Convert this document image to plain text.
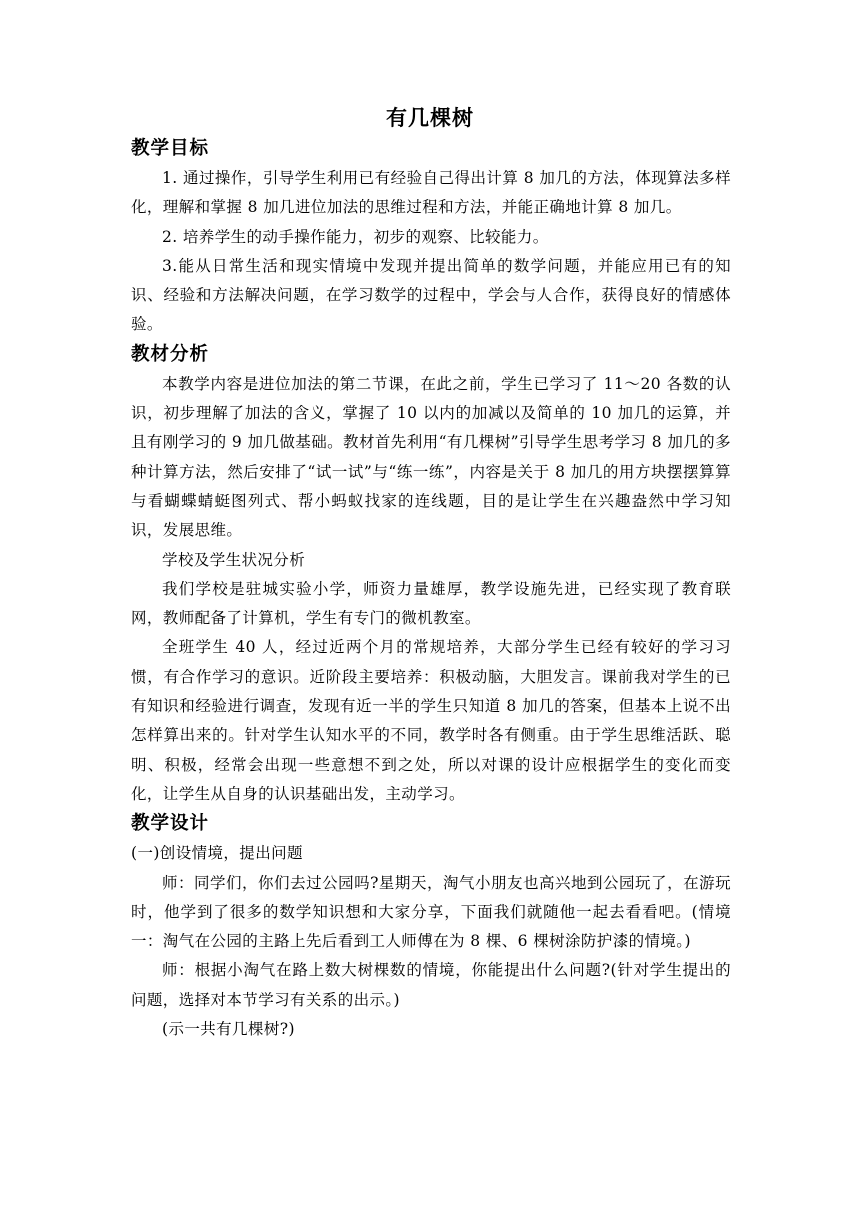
有几棵树
教学目标

1. 通过操作，引导学生利用已有经验自己得出计算 8 加几的方法，体现算法多样化，理解和掌握 8 加几进位加法的思维过程和方法，并能正确地计算 8 加几。

2. 培养学生的动手操作能力，初步的观察、比较能力。

3.能从日常生活和现实情境中发现并提出简单的数学问题，并能应用已有的知识、经验和方法解决问题，在学习数学的过程中，学会与人合作，获得良好的情感体验。

教材分析

本教学内容是进位加法的第二节课，在此之前，学生已学习了 11～20 各数的认识，初步理解了加法的含义，掌握了 10 以内的加减以及简单的 10 加几的运算，并且有刚学习的 9 加几做基础。教材首先利用“有几棵树”引导学生思考学习 8 加几的多种计算方法，然后安排了“试一试”与“练一练”，内容是关于 8 加几的用方块摆摆算算与看蝴蝶蜻蜓图列式、帮小蚂蚁找家的连线题，目的是让学生在兴趣盎然中学习知识，发展思维。

学校及学生状况分析

我们学校是驻城实验小学，师资力量雄厚，教学设施先进，已经实现了教育联网，教师配备了计算机，学生有专门的微机教室。

全班学生 40 人，经过近两个月的常规培养，大部分学生已经有较好的学习习惯，有合作学习的意识。近阶段主要培养：积极动脑，大胆发言。课前我对学生的已有知识和经验进行调查，发现有近一半的学生只知道 8 加几的答案，但基本上说不出怎样算出来的。针对学生认知水平的不同，教学时各有侧重。由于学生思维活跃、聪明、积极，经常会出现一些意想不到之处，所以对课的设计应根据学生的变化而变化，让学生从自身的认识基础出发，主动学习。

教学设计

(一)创设情境，提出问题

师：同学们，你们去过公园吗?星期天，淘气小朋友也高兴地到公园玩了，在游玩时，他学到了很多的数学知识想和大家分享，下面我们就随他一起去看看吧。(情境一：淘气在公园的主路上先后看到工人师傅在为 8 棵、6 棵树涂防护漆的情境。)

师：根据小淘气在路上数大树棵数的情境，你能提出什么问题?(针对学生提出的问题，选择对本节学习有关系的出示。)

(示一共有几棵树?)
